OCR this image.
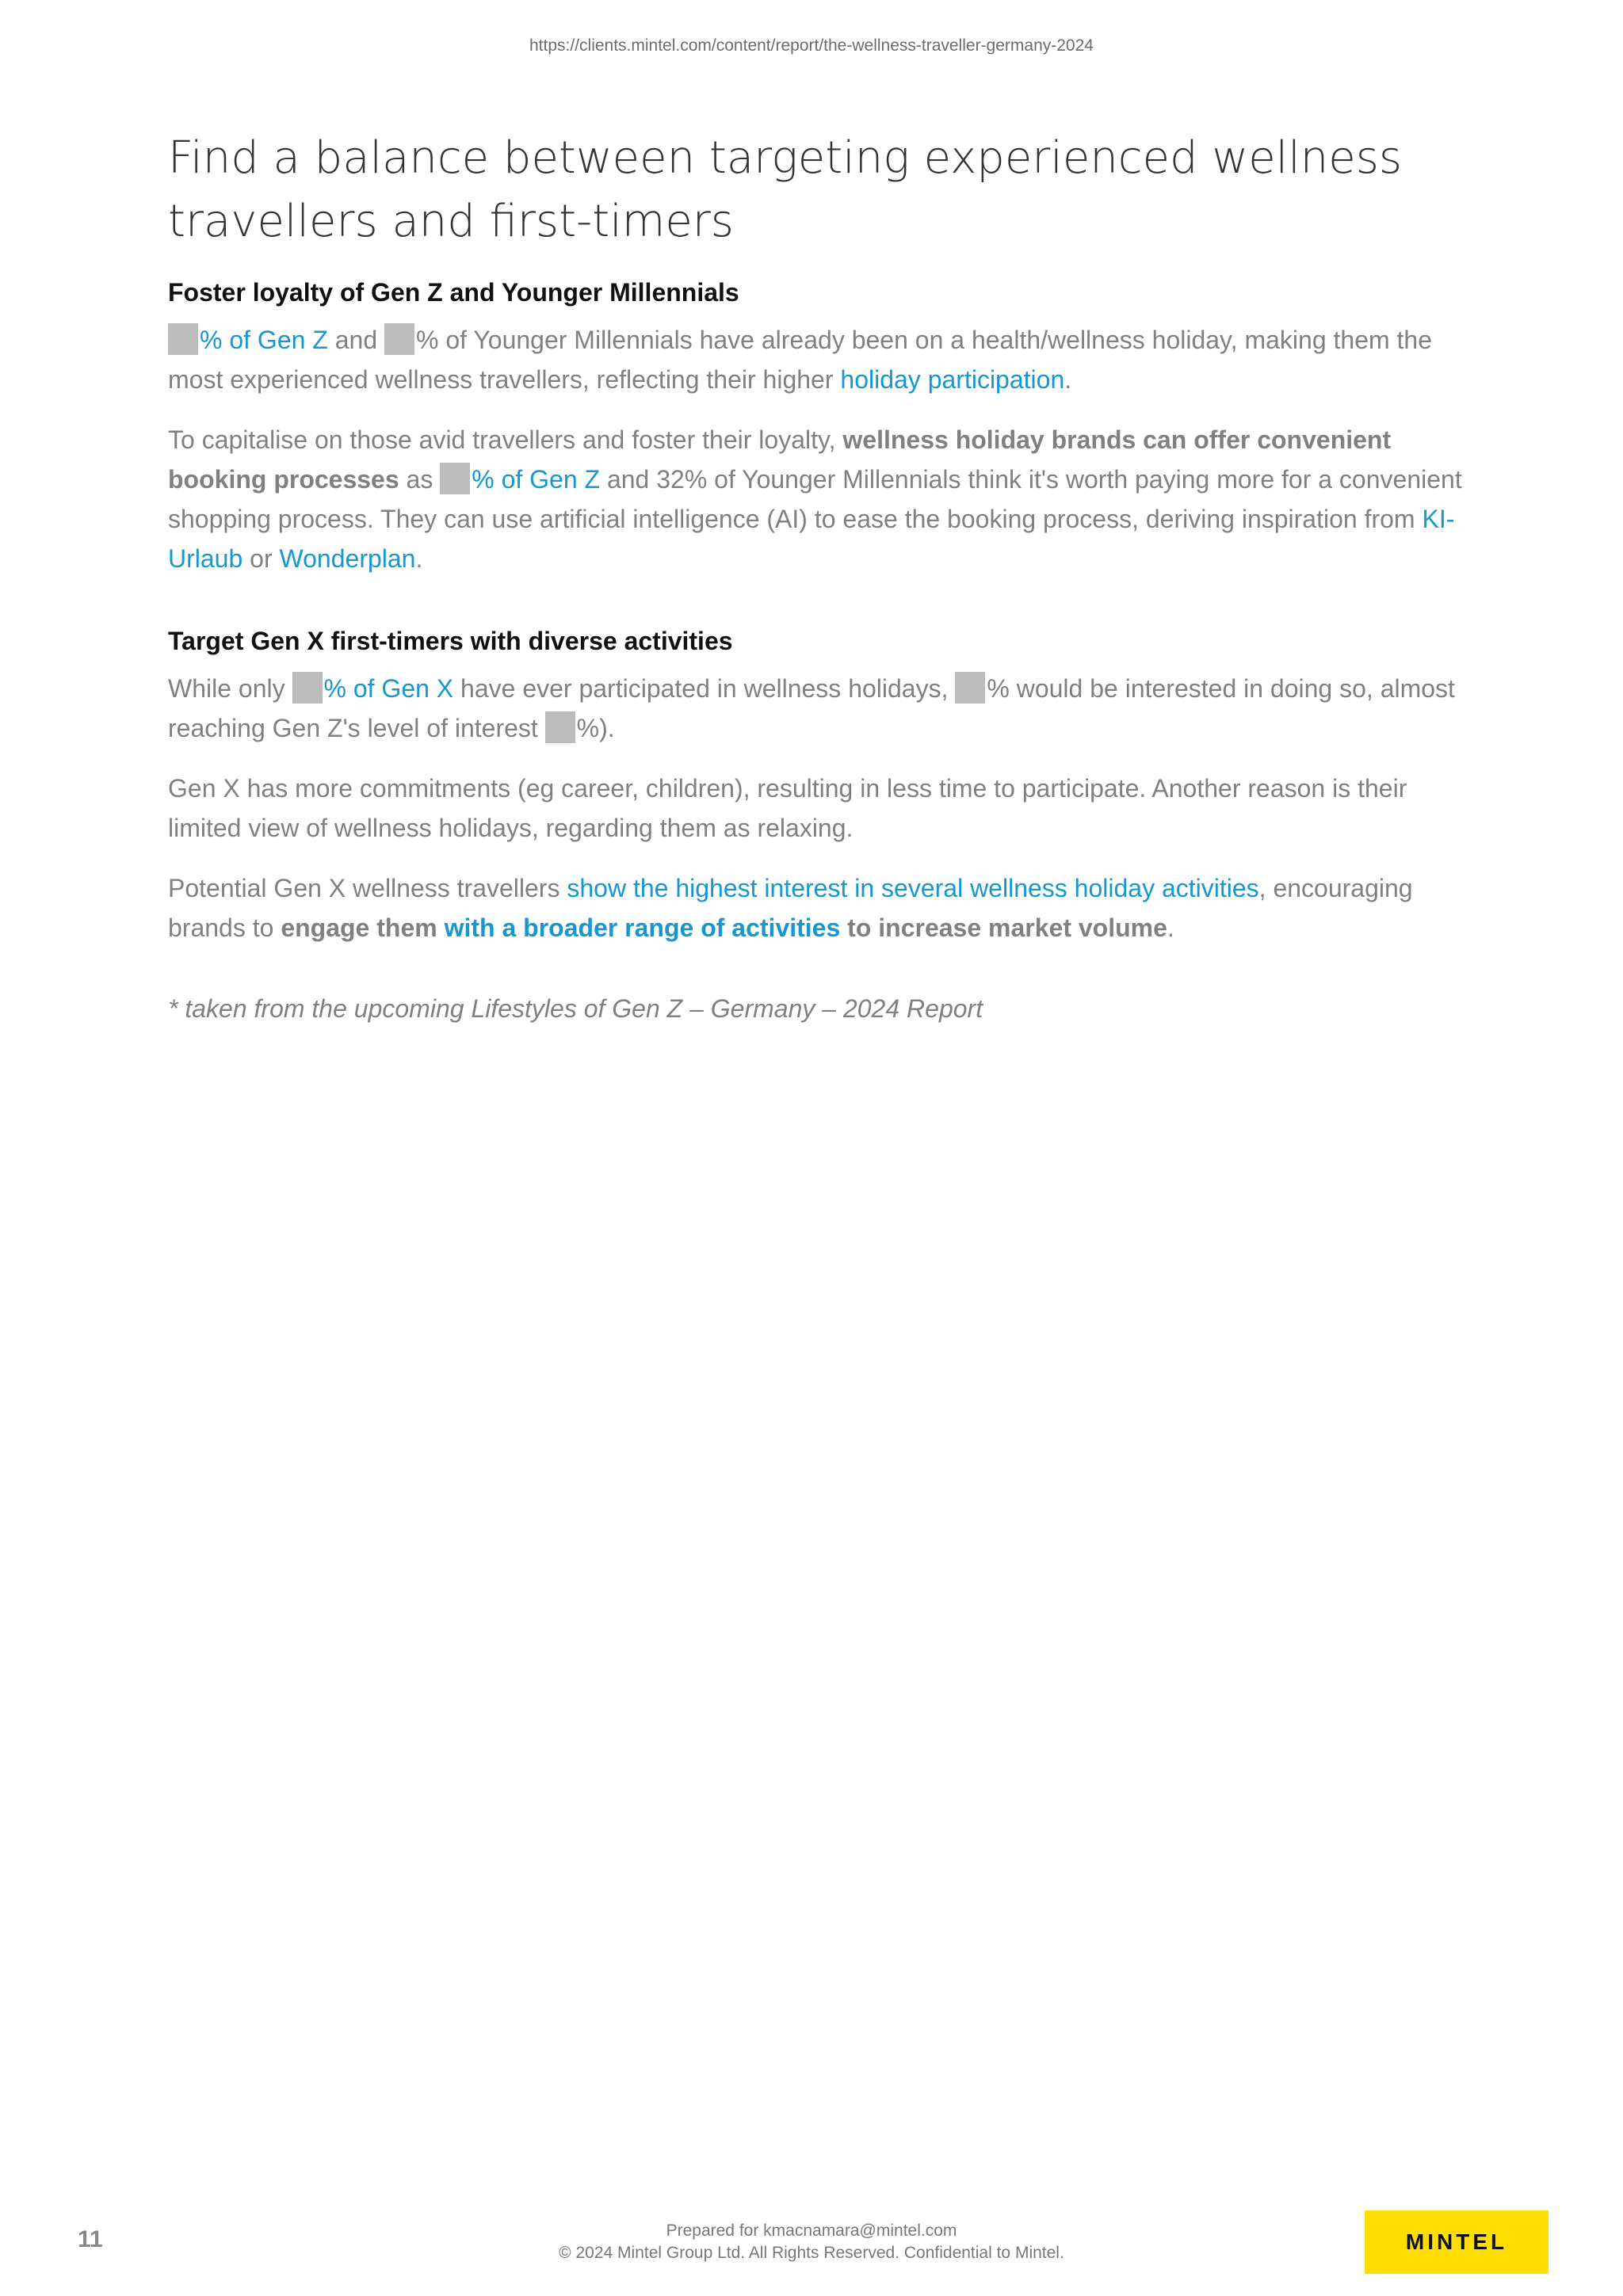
https://clients.mintel.com/content/report/the-wellness-traveller-germany-2024
Find a balance between targeting experienced wellness
travellers and first-timers
Foster loyalty of Gen Z and Younger Millennials

% of Gen Z and % of Younger Millennials have already been on a health/wellness holiday, making them the most experienced wellness travellers, reflecting their higher holiday participation.

To capitalise on those avid travellers and foster their loyalty, wellness holiday brands can offer convenient booking processes as % of Gen Z and 32% of Younger Millennials think it's worth paying more for a convenient shopping process. They can use artificial intelligence (AI) to ease the booking process, deriving inspiration from KI-Urlaub or Wonderplan.

Target Gen X first-timers with diverse activities

While only % of Gen X have ever participated in wellness holidays, % would be interested in doing so, almost reaching Gen Z's level of interest %).

Gen X has more commitments (eg career, children), resulting in less time to participate. Another reason is their limited view of wellness holidays, regarding them as relaxing.

Potential Gen X wellness travellers show the highest interest in several wellness holiday activities, encouraging brands to engage them with a broader range of activities to increase market volume.

* taken from the upcoming Lifestyles of Gen Z – Germany – 2024 Report

11	Prepared for kmacnamara@mintel.com
© 2024 Mintel Group Ltd. All Rights Reserved. Confidential to Mintel.	MINTEL
